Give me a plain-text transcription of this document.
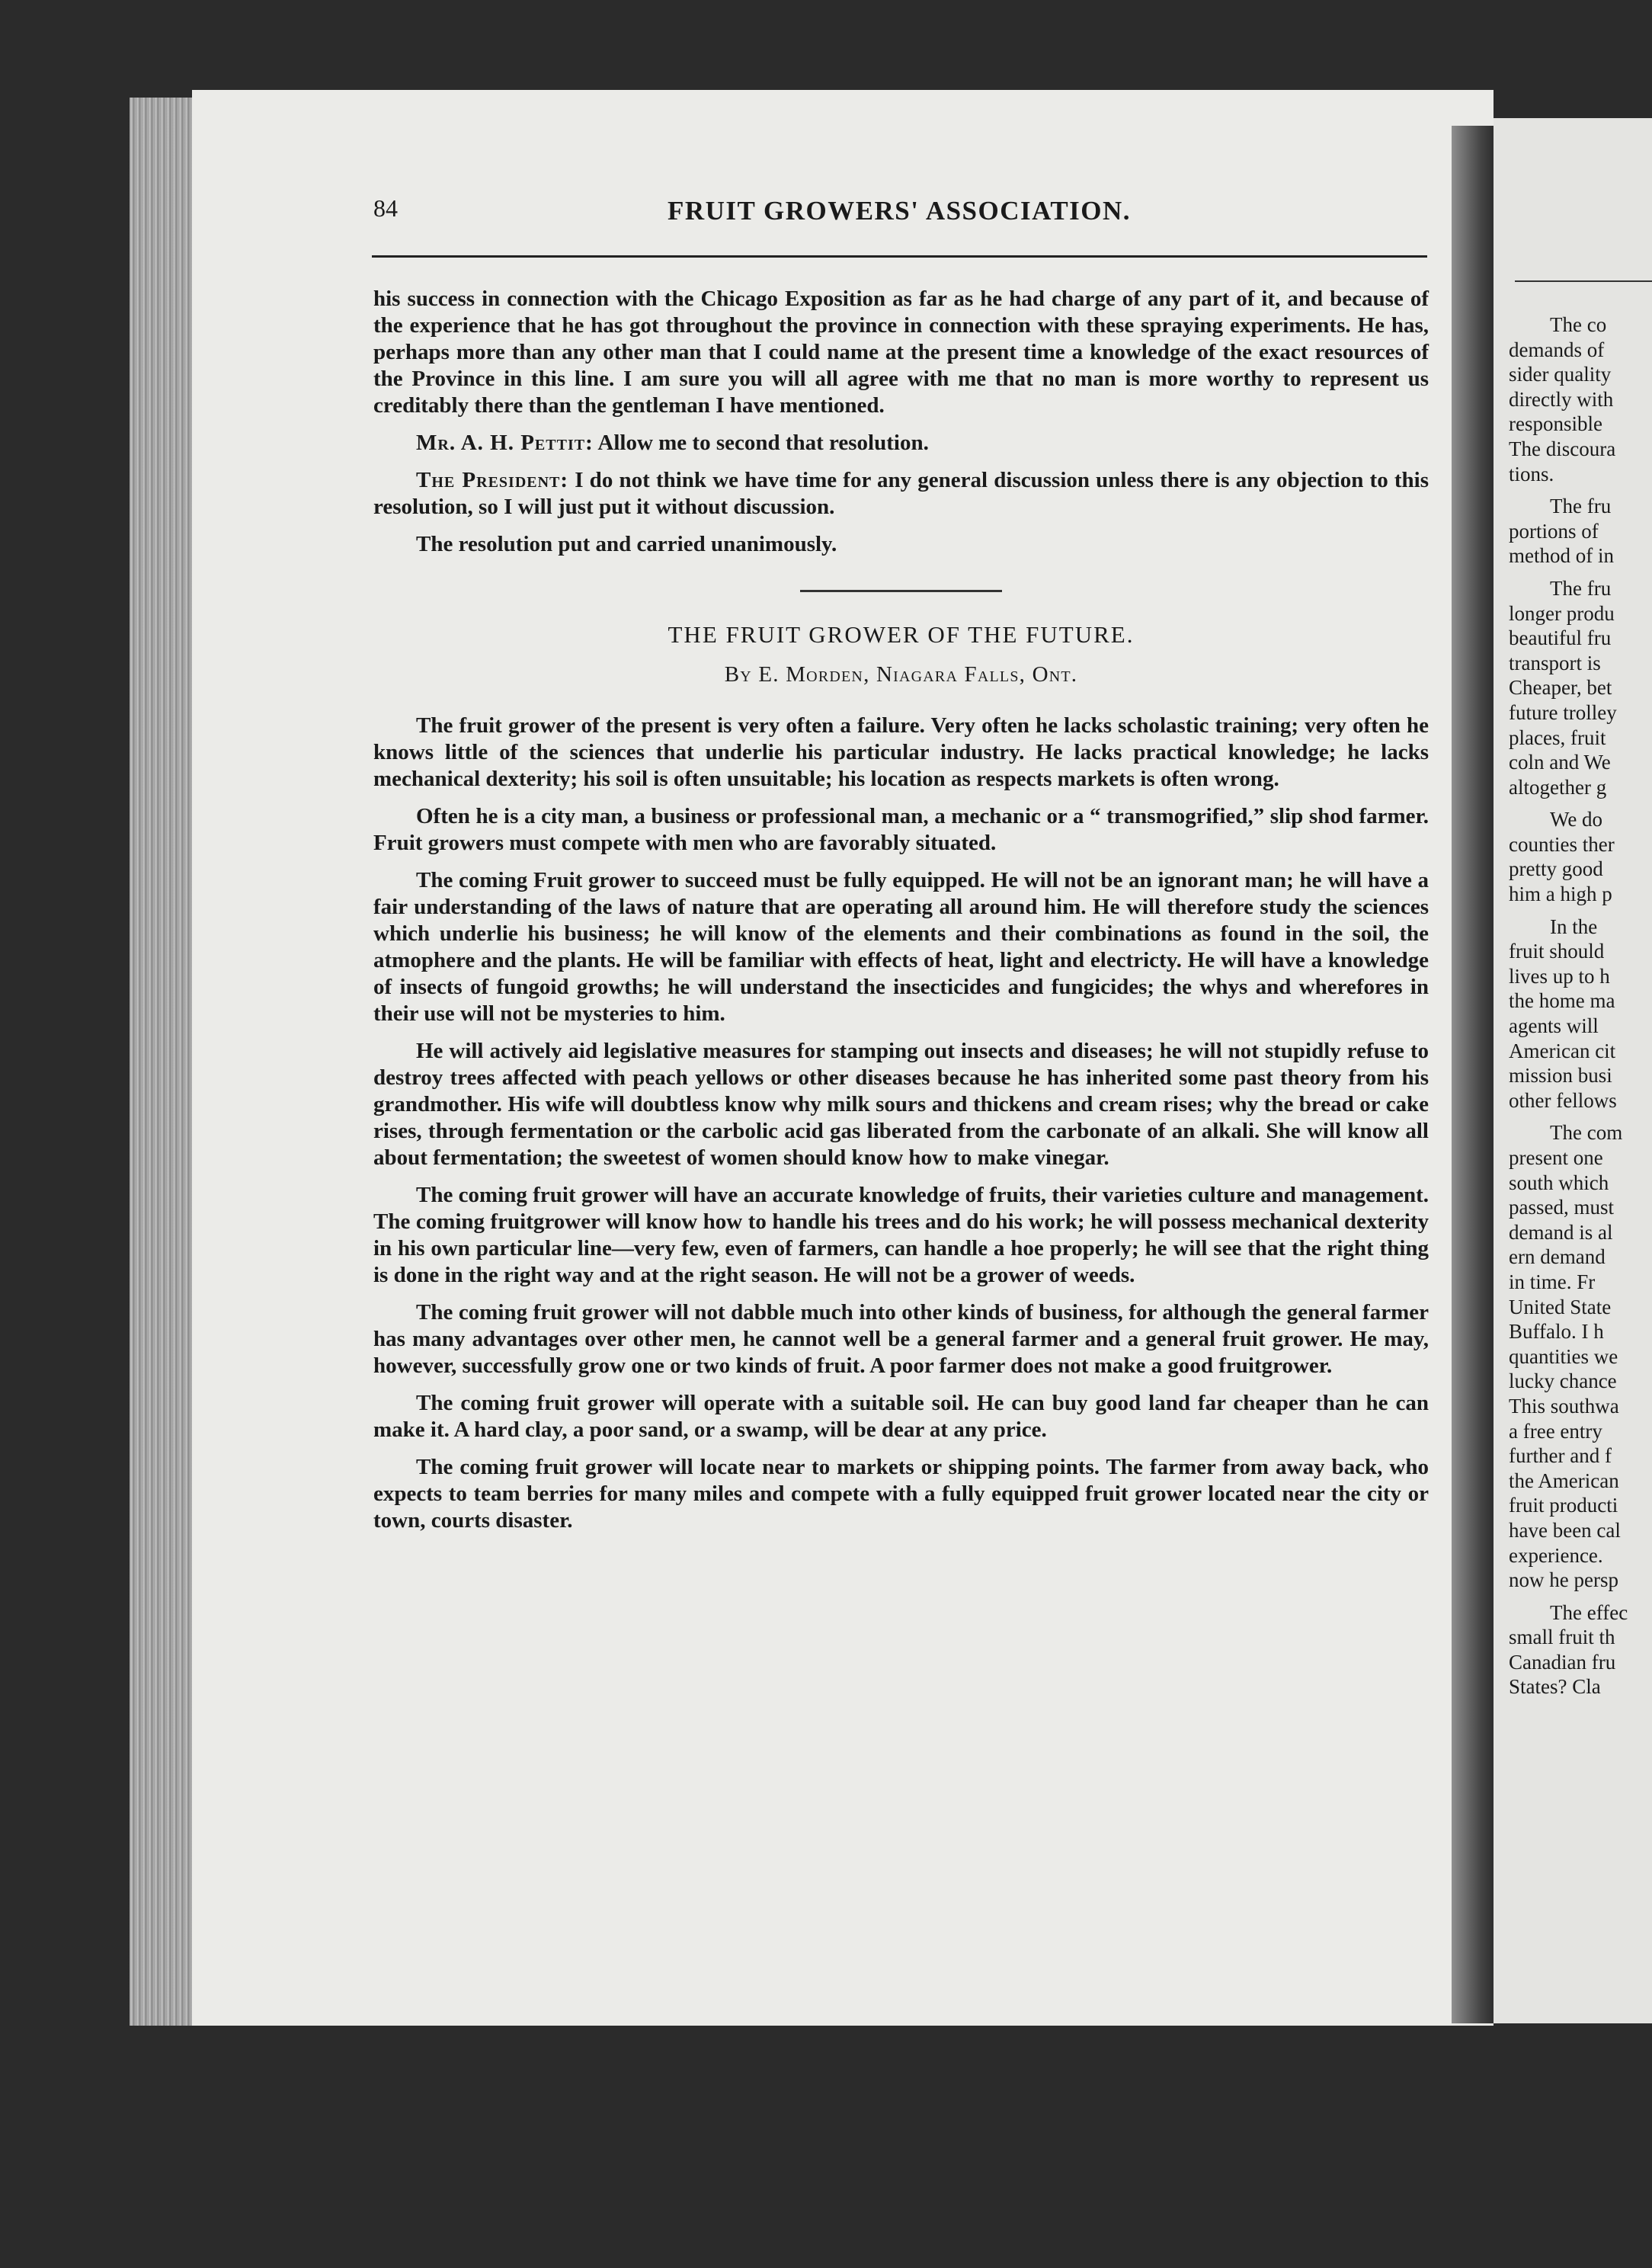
The co
demands of
sider quality
directly with
responsible
The discoura
tions.
The fru
portions of
method of in
The fru
longer produ
beautiful fru
transport is
Cheaper, bet
future trolley
places, fruit
coln and We
altogether g
We do
counties ther
pretty good
him a high p
In the
fruit should
lives up to h
the home ma
agents will
American cit
mission busi
other fellows
The com
present one
south which
passed, must
demand is al
ern demand
in time. Fr
United State
Buffalo. I h
quantities we
lucky chance
This southwa
a free entry
further and f
the American
fruit producti
have been cal
experience.
now he persp
The effec
small fruit th
Canadian fru
States? Cla
84	FRUIT GROWERS' ASSOCIATION.

his success in connection with the Chicago Exposition as far as he had charge of any part of it, and because of the experience that he has got throughout the province in connection with these spraying experiments. He has, perhaps more than any other man that I could name at the present time a knowledge of the exact resources of the Province in this line. I am sure you will all agree with me that no man is more worthy to represent us creditably there than the gentleman I have mentioned.

Mr. A. H. Pettit: Allow me to second that resolution.

The President: I do not think we have time for any general discussion unless there is any objection to this resolution, so I will just put it without discussion.

The resolution put and carried unanimously.

THE FRUIT GROWER OF THE FUTURE.

By E. Morden, Niagara Falls, Ont.

The fruit grower of the present is very often a failure. Very often he lacks scholastic training; very often he knows little of the sciences that underlie his particular industry. He lacks practical knowledge; he lacks mechanical dexterity; his soil is often unsuitable; his location as respects markets is often wrong.

Often he is a city man, a business or professional man, a mechanic or a “ transmogrified,” slip shod farmer. Fruit growers must compete with men who are favorably situated.

The coming Fruit grower to succeed must be fully equipped. He will not be an ignorant man; he will have a fair understanding of the laws of nature that are operating all around him. He will therefore study the sciences which underlie his business; he will know of the elements and their combinations as found in the soil, the atmophere and the plants. He will be familiar with effects of heat, light and electricty. He will have a knowledge of insects of fungoid growths; he will understand the insecticides and fungicides; the whys and wherefores in their use will not be mysteries to him.

He will actively aid legislative measures for stamping out insects and diseases; he will not stupidly refuse to destroy trees affected with peach yellows or other diseases because he has inherited some past theory from his grandmother. His wife will doubtless know why milk sours and thickens and cream rises; why the bread or cake rises, through fermentation or the carbolic acid gas liberated from the carbonate of an alkali. She will know all about fermentation; the sweetest of women should know how to make vinegar.

The coming fruit grower will have an accurate knowledge of fruits, their varieties culture and management. The coming fruitgrower will know how to handle his trees and do his work; he will possess mechanical dexterity in his own particular line—very few, even of farmers, can handle a hoe properly; he will see that the right thing is done in the right way and at the right season. He will not be a grower of weeds.

The coming fruit grower will not dabble much into other kinds of business, for although the general farmer has many advantages over other men, he cannot well be a general farmer and a general fruit grower. He may, however, successfully grow one or two kinds of fruit. A poor farmer does not make a good fruitgrower.

The coming fruit grower will operate with a suitable soil. He can buy good land far cheaper than he can make it. A hard clay, a poor sand, or a swamp, will be dear at any price.

The coming fruit grower will locate near to markets or shipping points. The farmer from away back, who expects to team berries for many miles and compete with a fully equipped fruit grower located near the city or town, courts disaster.
